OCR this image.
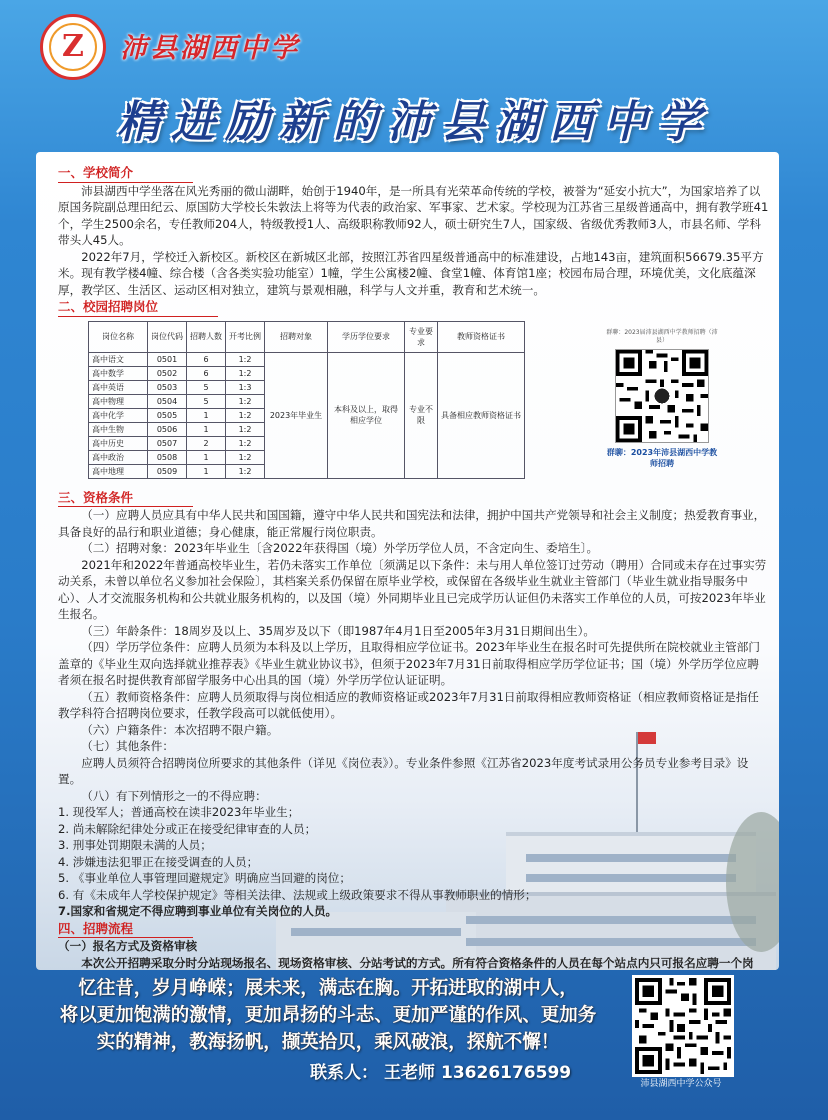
Z	沛县湖西中学
精进励新的沛县湖西中学
一、学校简介

沛县湖西中学坐落在风光秀丽的微山湖畔，始创于1940年，是一所具有光荣革命传统的学校，被誉为“延安小抗大”，为国家培养了以原国务院副总理田纪云、原国防大学校长朱敦法上将等为代表的政治家、军事家、艺术家。学校现为江苏省三星级普通高中，拥有教学班41个，学生2500余名，专任教师204人，特级教授1人、高级职称教师92人，硕士研究生7人，国家级、省级优秀教师3人，市县名师、学科带头人45人。

2022年7月，学校迁入新校区。新校区在新城区北部，按照江苏省四星级普通高中的标准建设，占地143亩，建筑面积56679.35平方米。现有教学楼4幢、综合楼（含各类实验功能室）1幢，学生公寓楼2幢、食堂1幢、体育馆1座；校园布局合理，环境优美，文化底蕴深厚，教学区、生活区、运动区相对独立，建筑与景观相融，科学与人文并重，教育和艺术统一。

二、校园招聘岗位
岗位名称	岗位代码	招聘人数	开考比例	招聘对象	学历学位要求	专业要求	教师资格证书
高中语文	0501	6	1:2	2023年毕业生	本科及以上，取得相应学位	专业不限	具备相应教师资格证书
高中数学	0502	6	1:2				
高中英语	0503	5	1:3				
高中物理	0504	5	1:2				
高中化学	0505	1	1:2				
高中生物	0506	1	1:2				
高中历史	0507	2	1:2				
高中政治	0508	1	1:2				
高中地理	0509	1	1:2				
群聊：2023届沛县湖西中学教师招聘（沛县）
群聊：2023年沛县湖西中学教师招聘
三、资格条件

（一）应聘人员应具有中华人民共和国国籍，遵守中华人民共和国宪法和法律，拥护中国共产党领导和社会主义制度；热爱教育事业，具备良好的品行和职业道德；身心健康，能正常履行岗位职责。

（二）招聘对象：2023年毕业生〔含2022年获得国（境）外学历学位人员，不含定向生、委培生〕。

2021年和2022年普通高校毕业生，若仍未落实工作单位〔须满足以下条件：未与用人单位签订过劳动（聘用）合同或未存在过事实劳动关系，未曾以单位名义参加社会保险〕，其档案关系仍保留在原毕业学校，或保留在各级毕业生就业主管部门（毕业生就业指导服务中心）、人才交流服务机构和公共就业服务机构的，以及国（境）外同期毕业且已完成学历认证但仍未落实工作单位的人员，可按2023年毕业生报名。

（三）年龄条件：18周岁及以上、35周岁及以下（即1987年4月1日至2005年3月31日期间出生）。

（四）学历学位条件：应聘人员须为本科及以上学历，且取得相应学位证书。2023年毕业生在报名时可先提供所在院校就业主管部门盖章的《毕业生双向选择就业推荐表》《毕业生就业协议书》，但须于2023年7月31日前取得相应学历学位证书；国（境）外学历学位应聘者须在报名时提供教育部留学服务中心出具的国（境）外学历学位认证证明。

（五）教师资格条件：应聘人员须取得与岗位相适应的教师资格证或2023年7月31日前取得相应教师资格证（相应教师资格证是指任教学科符合招聘岗位要求，任教学段高可以就低使用）。

（六）户籍条件：本次招聘不限户籍。

（七）其他条件：

应聘人员须符合招聘岗位所要求的其他条件（详见《岗位表》）。专业条件参照《江苏省2023年度考试录用公务员专业参考目录》设置。

（八）有下列情形之一的不得应聘：

1. 现役军人；普通高校在读非2023年毕业生；

2. 尚未解除纪律处分或正在接受纪律审查的人员；

3. 刑事处罚期限未满的人员；

4. 涉嫌违法犯罪正在接受调查的人员；

5. 《事业单位人事管理回避规定》明确应当回避的岗位；

6. 有《未成年人学校保护规定》等相关法律、法规或上级政策要求不得从事教师职业的情形；

7.国家和省规定不得应聘到事业单位有关岗位的人员。

四、招聘流程

（一）报名方式及资格审核

本次公开招聘采取分时分站现场报名、现场资格审核、分站考试的方式。所有符合资格条件的人员在每个站点内只可报名应聘一个岗

忆往昔，岁月峥嵘；展未来，满志在胸。开拓进取的湖中人，
将以更加饱满的激情，更加昂扬的斗志、更加严谨的作风、更加务
实的精神，教海扬帆，撷英拾贝，乘风破浪，探航不懈！
联系人： 王老师 13626176599
沛县湖西中学公众号
